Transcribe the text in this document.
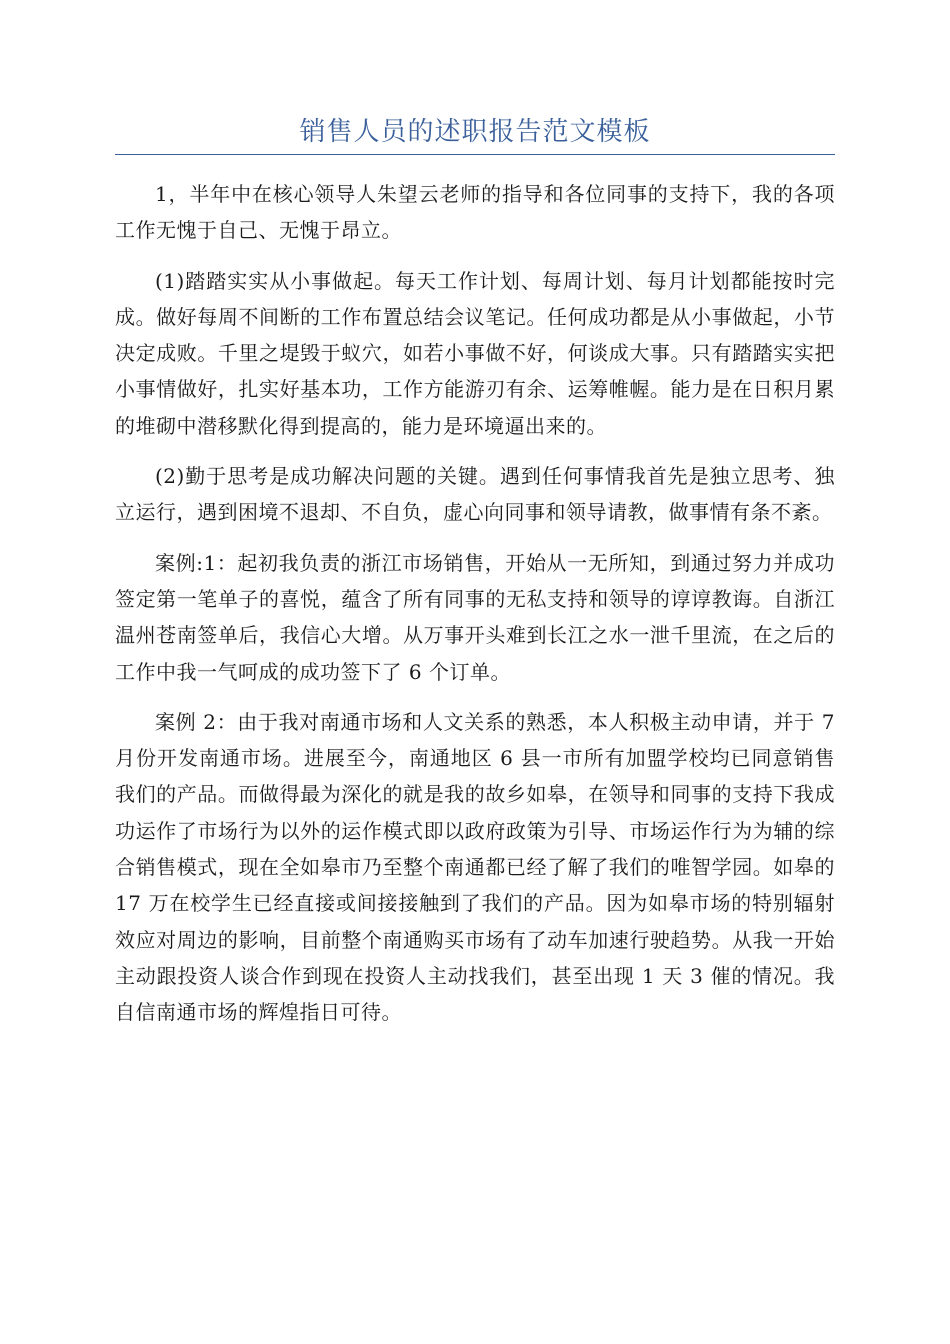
销售人员的述职报告范文模板

1，半年中在核心领导人朱望云老师的指导和各位同事的支持下，我的各项工作无愧于自己、无愧于昂立。

(1)踏踏实实从小事做起。每天工作计划、每周计划、每月计划都能按时完成。做好每周不间断的工作布置总结会议笔记。任何成功都是从小事做起，小节决定成败。千里之堤毁于蚁穴，如若小事做不好，何谈成大事。只有踏踏实实把小事情做好，扎实好基本功，工作方能游刃有余、运筹帷幄。能力是在日积月累的堆砌中潜移默化得到提高的，能力是环境逼出来的。

(2)勤于思考是成功解决问题的关键。遇到任何事情我首先是独立思考、独立运行，遇到困境不退却、不自负，虚心向同事和领导请教，做事情有条不紊。

案例:1：起初我负责的浙江市场销售，开始从一无所知，到通过努力并成功签定第一笔单子的喜悦，蕴含了所有同事的无私支持和领导的谆谆教诲。自浙江温州苍南签单后，我信心大增。从万事开头难到长江之水一泄千里流，在之后的工作中我一气呵成的成功签下了 6 个订单。

案例 2：由于我对南通市场和人文关系的熟悉，本人积极主动申请，并于 7 月份开发南通市场。进展至今，南通地区 6 县一市所有加盟学校均已同意销售我们的产品。而做得最为深化的就是我的故乡如皋，在领导和同事的支持下我成功运作了市场行为以外的运作模式即以政府政策为引导、市场运作行为为辅的综合销售模式，现在全如皋市乃至整个南通都已经了解了我们的唯智学园。如皋的 17 万在校学生已经直接或间接接触到了我们的产品。因为如皋市场的特别辐射效应对周边的影响，目前整个南通购买市场有了动车加速行驶趋势。从我一开始主动跟投资人谈合作到现在投资人主动找我们，甚至出现 1 天 3 催的情况。我自信南通市场的辉煌指日可待。
